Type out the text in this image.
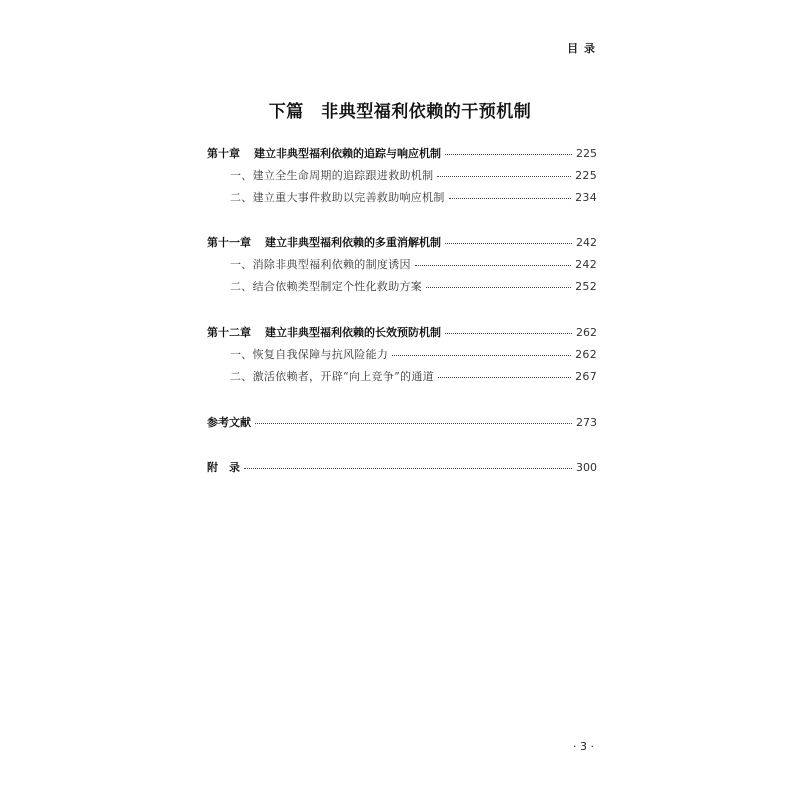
目 录
下篇　非典型福利依赖的干预机制
第十章 建立非典型福利依赖的追踪与响应机制	225
一、建立全生命周期的追踪跟进救助机制	225
二、建立重大事件救助以完善救助响应机制	234
第十一章 建立非典型福利依赖的多重消解机制	242
一、消除非典型福利依赖的制度诱因	242
二、结合依赖类型制定个性化救助方案	252
第十二章 建立非典型福利依赖的长效预防机制	262
一、恢复自我保障与抗风险能力	262
二、激活依赖者，开辟“向上竞争”的通道	267
参考文献	273
附　录	300
· 3 ·
